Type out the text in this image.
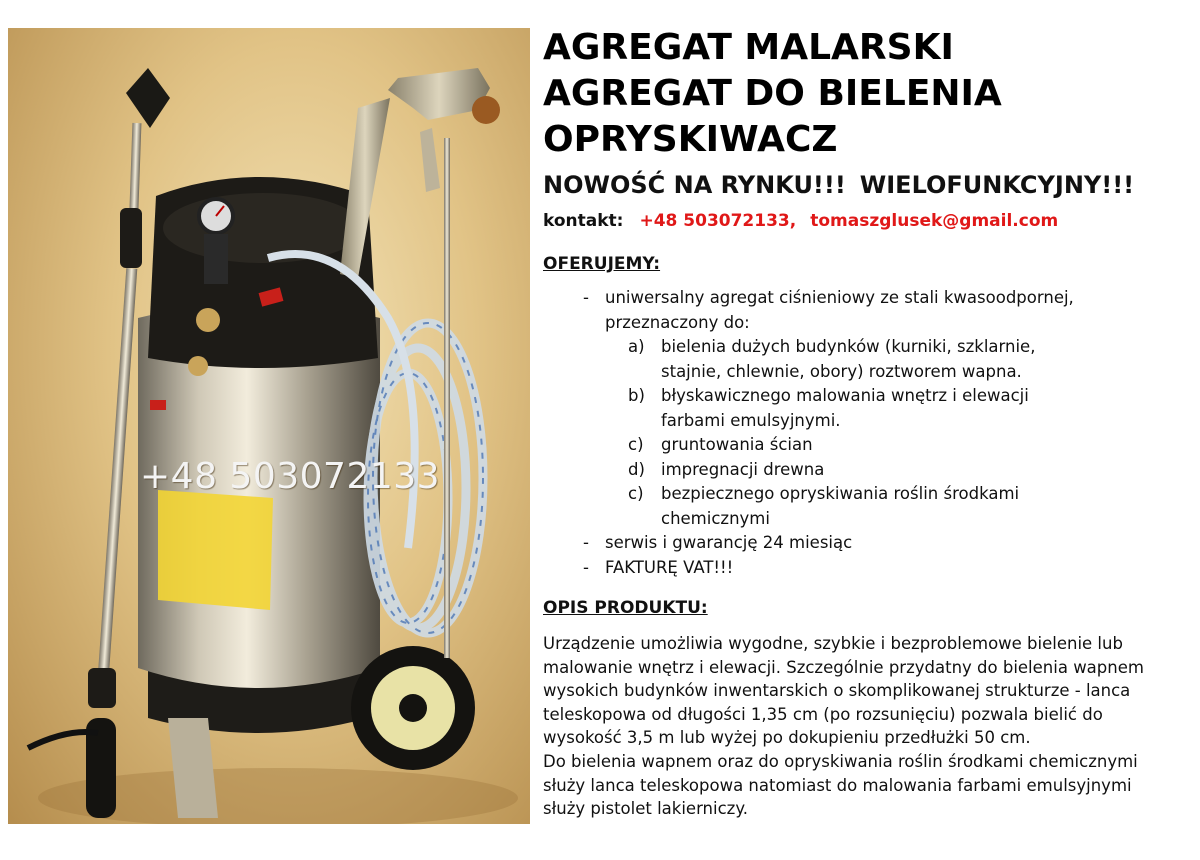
+48 503072133
AGREGAT MALARSKI
AGREGAT DO BIELENIA
OPRYSKIWACZ
NOWOŚĆ NA RYNKU!!! WIELOFUNKCYJNY!!!
kontakt: +48 503072133, tomaszglusek@gmail.com
OFERUJEMY:
- uniwersalny agregat ciśnieniowy ze stali kwasoodpornej,
przeznaczony do:
a) bielenia dużych budynków (kurniki, szklarnie,
stajnie, chlewnie, obory) roztworem wapna.
b) błyskawicznego malowania wnętrz i elewacji
farbami emulsyjnymi.
c) gruntowania ścian
d) impregnacji drewna
c) bezpiecznego opryskiwania roślin środkami
chemicznymi
- serwis i gwarancję 24 miesiąc
- FAKTURĘ VAT!!!
OPIS PRODUKTU:
Urządzenie umożliwia wygodne, szybkie i bezproblemowe bielenie lub
malowanie wnętrz i elewacji. Szczególnie przydatny do bielenia wapnem
wysokich budynków inwentarskich o skomplikowanej strukturze - lanca
teleskopowa od długości 1,35 cm (po rozsunięciu) pozwala bielić do
wysokość 3,5 m lub wyżej po dokupieniu przedłużki 50 cm.
Do bielenia wapnem oraz do opryskiwania roślin środkami chemicznymi
służy lanca teleskopowa natomiast do malowania farbami emulsyjnymi
służy pistolet lakierniczy.
